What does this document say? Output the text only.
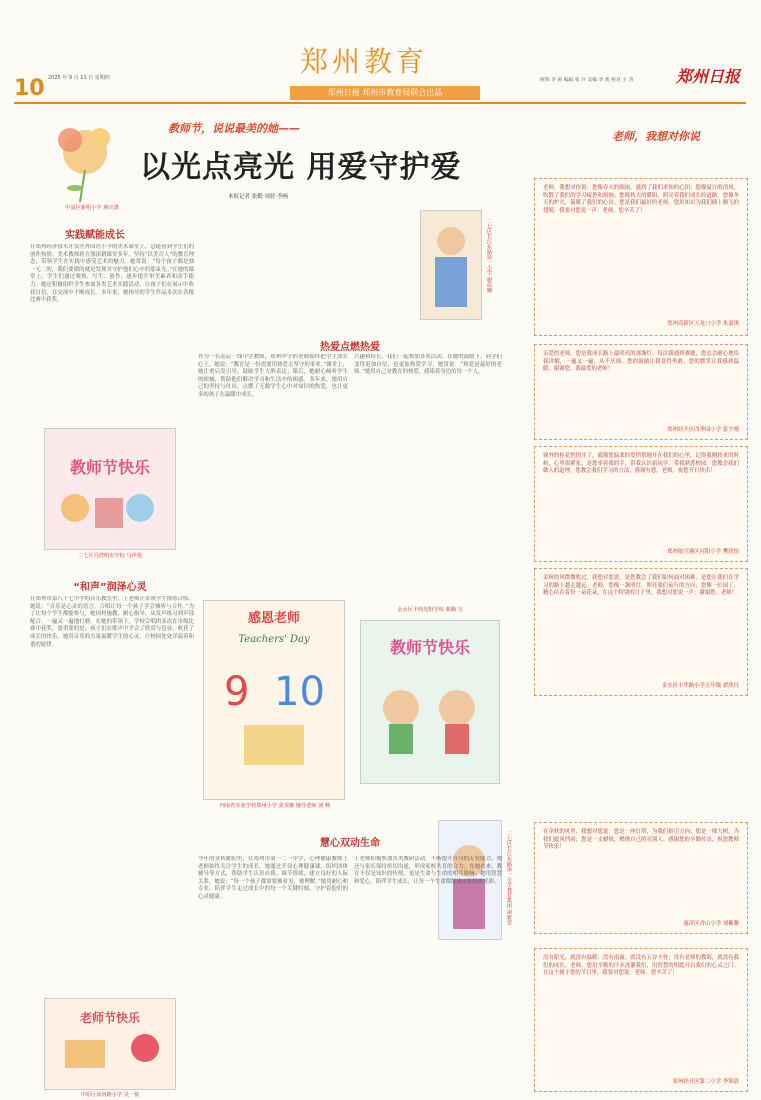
郑州教育
10 2025 年 9 月 11 日 星期四
郑州日报 郑州市教育局联合出品
统筹 李 莉 编辑 张 兵 美编 李 凯 校对 王 苒	郑州日报
中原区新明小学 蒋宣涤
教师节，说说最美的她——
以光点亮光 用爱守护爱
本报记者 张勤 周婷 李杨
实践赋能成长
在郑州经济技术开发区外国语小学的美术课堂上，总能看到学生们的创作热情。美术教师蒋宣涤深耕课堂多年，坚持“以美育人”的教育理念，带领学生在实践中感受艺术的魅力。她常说：“每个孩子都是独一无二的，我们要做的就是发现并守护他们心中的那束光。”在她的课堂上，学生们通过观察、写生、创作，逐步提升审美素养和动手能力。她还积极组织学生参加各类艺术实践活动，让孩子们在展示中收获自信，在交流中不断成长。多年来，她指导的学生作品多次在各级比赛中获奖。
教师节快乐
二七区冯湾明实学校 马伊曼
“和声”润泽心灵
在郑州市第八十七中学的音乐教室里，王老师正带领学生排练合唱。她说：“音乐是心灵的语言，合唱让每一个孩子学会倾听与合作。”为了让每个学生都能参与，她因材施教，耐心指导，从发声练习到声部配合，一遍又一遍地打磨。在她的带领下，学校合唱团多次在市级比赛中获奖，更重要的是，孩子们在歌声中学会了欣赏与包容，收获了成长的快乐。她用音乐的力量温暖学生的心灵，让校园处处洋溢着和谐的旋律。
老师节快乐
中原区汝河路小学 吴一依
二七区长江东路第一小学 谢晨曦
热爱点燃热爱
作为一名基层一线中学教师，郑州中学的老师始终把学生放在心上。她说：“教育是一份需要用热爱去坚守的事业。”课堂上，她注重启发引导，鼓励学生大胆表达；课后，她耐心倾听学生的烦恼，帮助他们解决学习和生活中的困惑。多年来，她用自己的坚持与付出，点燃了无数学生心中对知识的热爱，也让更多的孩子在温暖中成长。
兴趣和特长，我们一起参加各类活动。在她的鼓励下，同学们变得更加自信，也更加热爱学习。她常说：“热爱是最好的老师。”她用自己对教育的热爱，感染着身边的每一个人。
感恩老师
Teachers' Day
9 10
河南省实验学校郑州小学 张雯娜 辅导老师 刘 畅
金水区丰纬光阳学校 郝腾 宝
教师节快乐
二七区长江东路第一小学教育集团 胡紫萱
慧心双动生命
今年的金秋暖阳里，在郑州市第一二一中学，心理健康教师王老师始终关注学生的成长。她通过开设心理健康课、组织团体辅导等方式，帮助学生认识自我、调节情绪、建立良好的人际关系。她说：“每一个孩子都需要被看见、被理解。”她用耐心和专业，陪伴学生走过成长中的每一个关键时刻，守护着他们的心灵健康。
王老师积极参加各类教研活动，不断提升自身的专业能力。她还与家长保持密切沟通，形成家校共育的合力。在她看来，教育不仅是知识的传授，更是生命与生命的相互影响。她用智慧和爱心，陪伴学生成长，让每一个生命都绽放出独特的光彩。
老师，我想对你说
老师，我想对你说：您像春天的细雨，滋润了我们求知的心田；您像夏日的清风，吹散了我们的学习疲惫和烦恼；您像秋天的暖阳，照亮着我们成长的道路，您像冬天的炉火，温暖了我们的心房。您是我们最好的老师，您用知识为我们插上腾飞的翅膀，我要对您说一声：老师，您辛苦了！
郑州高新区五龙口小学 朱嘉琪
亲爱的老师，您是我成长路上最明亮的那盏灯。每次我遇到难题，您总会耐心地给我讲解，一遍又一遍，从不厌烦。您的鼓励让我变得勇敢，您的微笑让我感到温暖。谢谢您，我最爱的老师！
郑州经开区四季园小学 张宇晴
窗外的桂花悄悄开了，就像您温柔的爱悄悄地开在我们的心里。记得我刚转来的时候，心里很紧张，是您牵着我的手，带我认识新同学，带我熟悉校园。您教会我们做人的道理，您教会我们学习的方法。感谢有您，老师，祝您节日快乐！
郑州航空港区河阳小学 樊欣怡
金秋的风微微吹过，我想对您说，是您教会了我们如何面对困难，是您让我们在学习的路上越走越远。老师，您像一盏明灯，照亮我们前行的方向；您像一位园丁，精心培育着每一朵花朵。在这个特别的日子里，我想对您说一声：谢谢您，老师！
金水区丰华路小学五年级 翟欣珏
在金秋的风里，我想对您说：您是一座灯塔，为我们指引方向；您是一棵大树，为我们遮风挡雨；您是一支蜡烛，燃烧自己照亮别人。感谢您的辛勤付出，祝您教师节快乐！
惠济区香山小学 刘紫馨
没有阳光，就没有温暖；没有雨露，就没有五谷丰登；没有老师的教诲，就没有我们的成长。老师，您用辛勤的汗水浇灌我们，用智慧的钥匙开启我们的心灵之门。在这个属于您的节日里，我要对您说：老师，您辛苦了！
郑州经开区第二小学 李锦晨
